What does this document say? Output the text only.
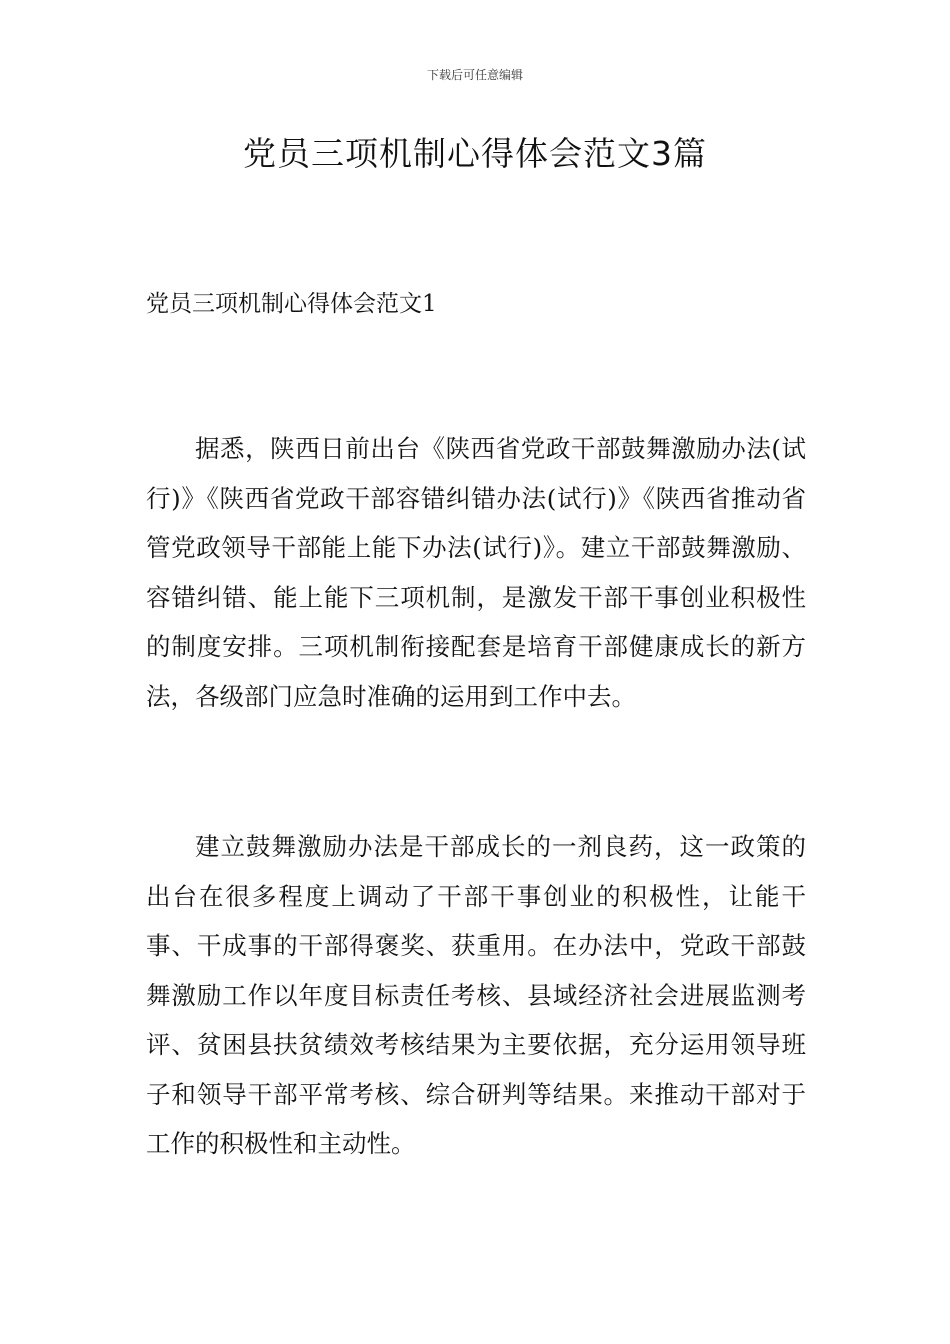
下载后可任意编辑
党员三项机制心得体会范文3篇
党员三项机制心得体会范文1

据悉，陕西日前出台《陕西省党政干部鼓舞激励办法(试行)》《陕西省党政干部容错纠错办法(试行)》《陕西省推动省管党政领导干部能上能下办法(试行)》。建立干部鼓舞激励、容错纠错、能上能下三项机制，是激发干部干事创业积极性的制度安排。三项机制衔接配套是培育干部健康成长的新方法，各级部门应急时准确的运用到工作中去。

建立鼓舞激励办法是干部成长的一剂良药，这一政策的出台在很多程度上调动了干部干事创业的积极性，让能干事、干成事的干部得褒奖、获重用。在办法中，党政干部鼓舞激励工作以年度目标责任考核、县域经济社会进展监测考评、贫困县扶贫绩效考核结果为主要依据，充分运用领导班子和领导干部平常考核、综合研判等结果。来推动干部对于工作的积极性和主动性。
